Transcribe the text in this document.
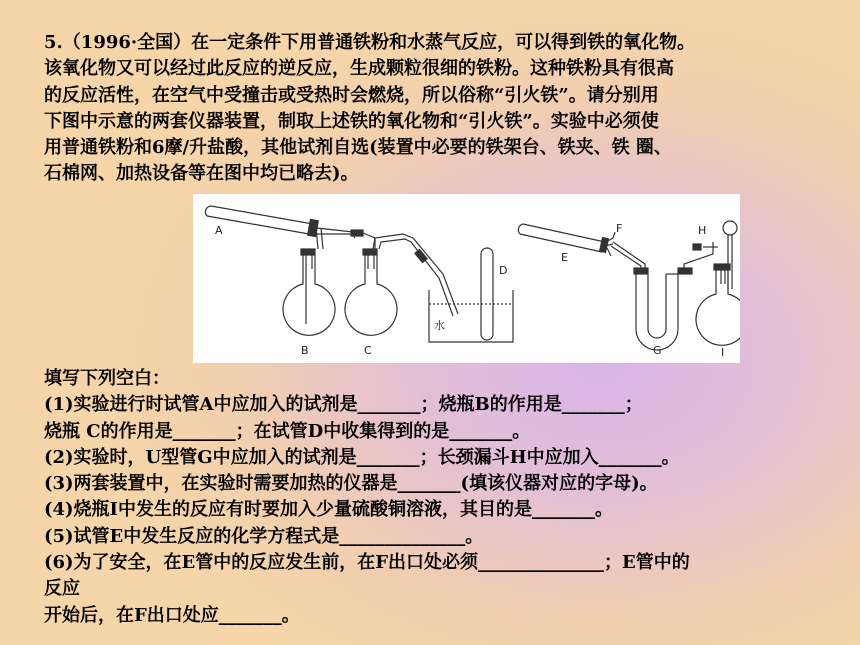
5.（1996·全国）在一定条件下用普通铁粉和水蒸气反应，可以得到铁的氧化物。
该氧化物又可以经过此反应的逆反应，生成颗粒很细的铁粉。这种铁粉具有很高
的反应活性，在空气中受撞击或受热时会燃烧，所以俗称“引火铁”。请分别用
下图中示意的两套仪器装置，制取上述铁的氧化物和“引火铁”。实验中必须使
用普通铁粉和6摩/升盐酸，其他试剂自选(装置中必要的铁架台、铁夹、铁 圈、
石棉网、加热设备等在图中均已略去)。
A
B	C
D
水
E
F
G
H
I
填写下列空白：
(1)实验进行时试管A中应加入的试剂是_______；烧瓶B的作用是_______；
烧瓶 C的作用是_______；在试管D中收集得到的是_______。
(2)实验时，U型管G中应加入的试剂是_______；长颈漏斗H中应加入_______。
(3)两套装置中，在实验时需要加热的仪器是_______(填该仪器对应的字母)。
(4)烧瓶I中发生的反应有时要加入少量硫酸铜溶液，其目的是_______。
(5)试管E中发生反应的化学方程式是______________。
(6)为了安全，在E管中的反应发生前，在F出口处必须______________；E管中的
反应
开始后，在F出口处应_______。
